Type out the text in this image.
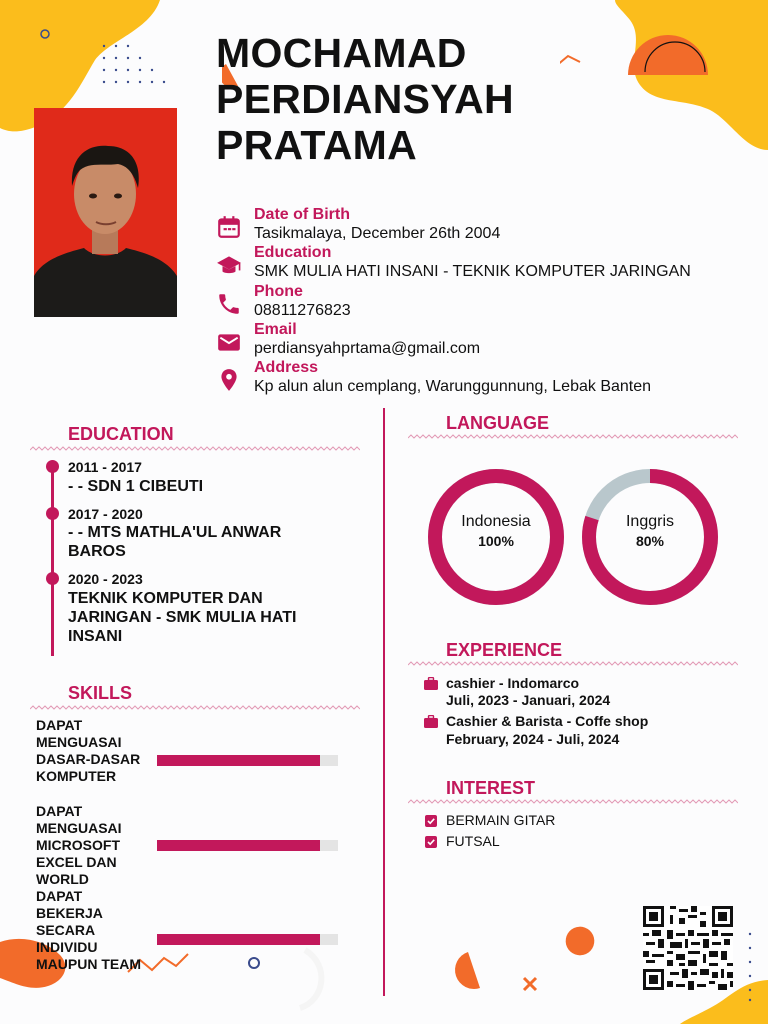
MOCHAMAD
PERDIANSYAH
PRATAMA
Date of Birth
Tasikmalaya, December 26th 2004
Education
SMK MULIA HATI INSANI - TEKNIK KOMPUTER JARINGAN
Phone
08811276823
Email
perdiansyahprtama@gmail.com
Address
Kp alun alun cemplang, Warunggunnung, Lebak Banten
EDUCATION
2011 - 2017
- - SDN 1 CIBEUTI
2017 - 2020
- - MTS MATHLA'UL ANWAR BAROS
2020 - 2023
TEKNIK KOMPUTER DAN JARINGAN - SMK MULIA HATI INSANI
SKILLS
DAPAT MENGUASAI DASAR-DASAR KOMPUTER
DAPAT MENGUASAI MICROSOFT EXCEL DAN WORLD
DAPAT BEKERJA SECARA INDIVIDU MAUPUN TEAM
LANGUAGE
Indonesia
100%
Inggris
80%
EXPERIENCE
cashier - Indomarco
Juli, 2023 - Januari, 2024
Cashier & Barista - Coffe shop
February, 2024 - Juli, 2024
INTEREST
BERMAIN GITAR
FUTSAL
